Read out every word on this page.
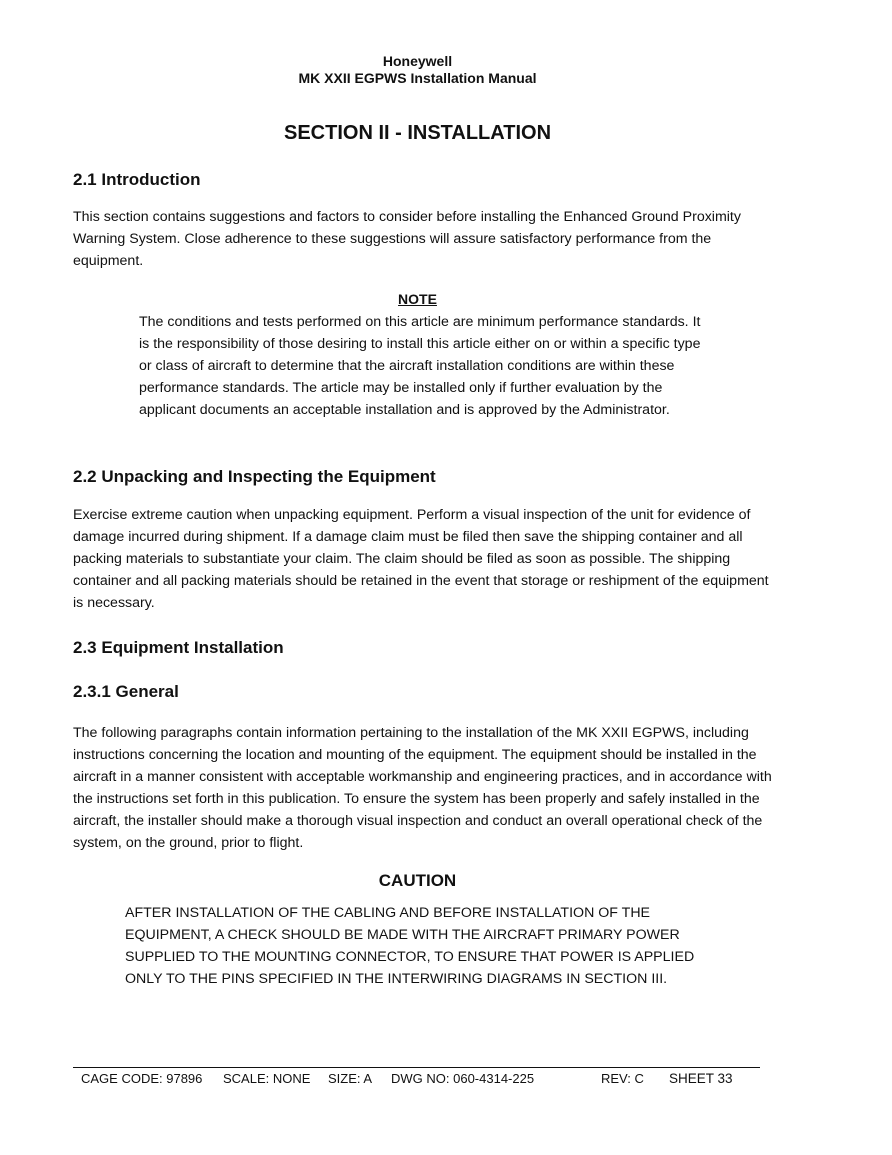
Honeywell
MK XXII EGPWS Installation Manual
SECTION II - INSTALLATION
2.1 Introduction

This section contains suggestions and factors to consider before installing the Enhanced Ground Proximity Warning System. Close adherence to these suggestions will assure satisfactory performance from the equipment.

NOTE

The conditions and tests performed on this article are minimum performance standards. It is the responsibility of those desiring to install this article either on or within a specific type or class of aircraft to determine that the aircraft installation conditions are within these performance standards. The article may be installed only if further evaluation by the applicant documents an acceptable installation and is approved by the Administrator.

2.2 Unpacking and Inspecting the Equipment

Exercise extreme caution when unpacking equipment. Perform a visual inspection of the unit for evidence of damage incurred during shipment. If a damage claim must be filed then save the shipping container and all packing materials to substantiate your claim. The claim should be filed as soon as possible. The shipping container and all packing materials should be retained in the event that storage or reshipment of the equipment is necessary.

2.3 Equipment Installation
2.3.1 General

The following paragraphs contain information pertaining to the installation of the MK XXII EGPWS, including instructions concerning the location and mounting of the equipment. The equipment should be installed in the aircraft in a manner consistent with acceptable workmanship and engineering practices, and in accordance with the instructions set forth in this publication. To ensure the system has been properly and safely installed in the aircraft, the installer should make a thorough visual inspection and conduct an overall operational check of the system, on the ground, prior to flight.

CAUTION

AFTER INSTALLATION OF THE CABLING AND BEFORE INSTALLATION OF THE EQUIPMENT, A CHECK SHOULD BE MADE WITH THE AIRCRAFT PRIMARY POWER SUPPLIED TO THE MOUNTING CONNECTOR, TO ENSURE THAT POWER IS APPLIED ONLY TO THE PINS SPECIFIED IN THE INTERWIRING DIAGRAMS IN SECTION III.

CAGE CODE: 97896 SCALE: NONE SIZE: A DWG NO: 060-4314-225	REV: C SHEET 33
